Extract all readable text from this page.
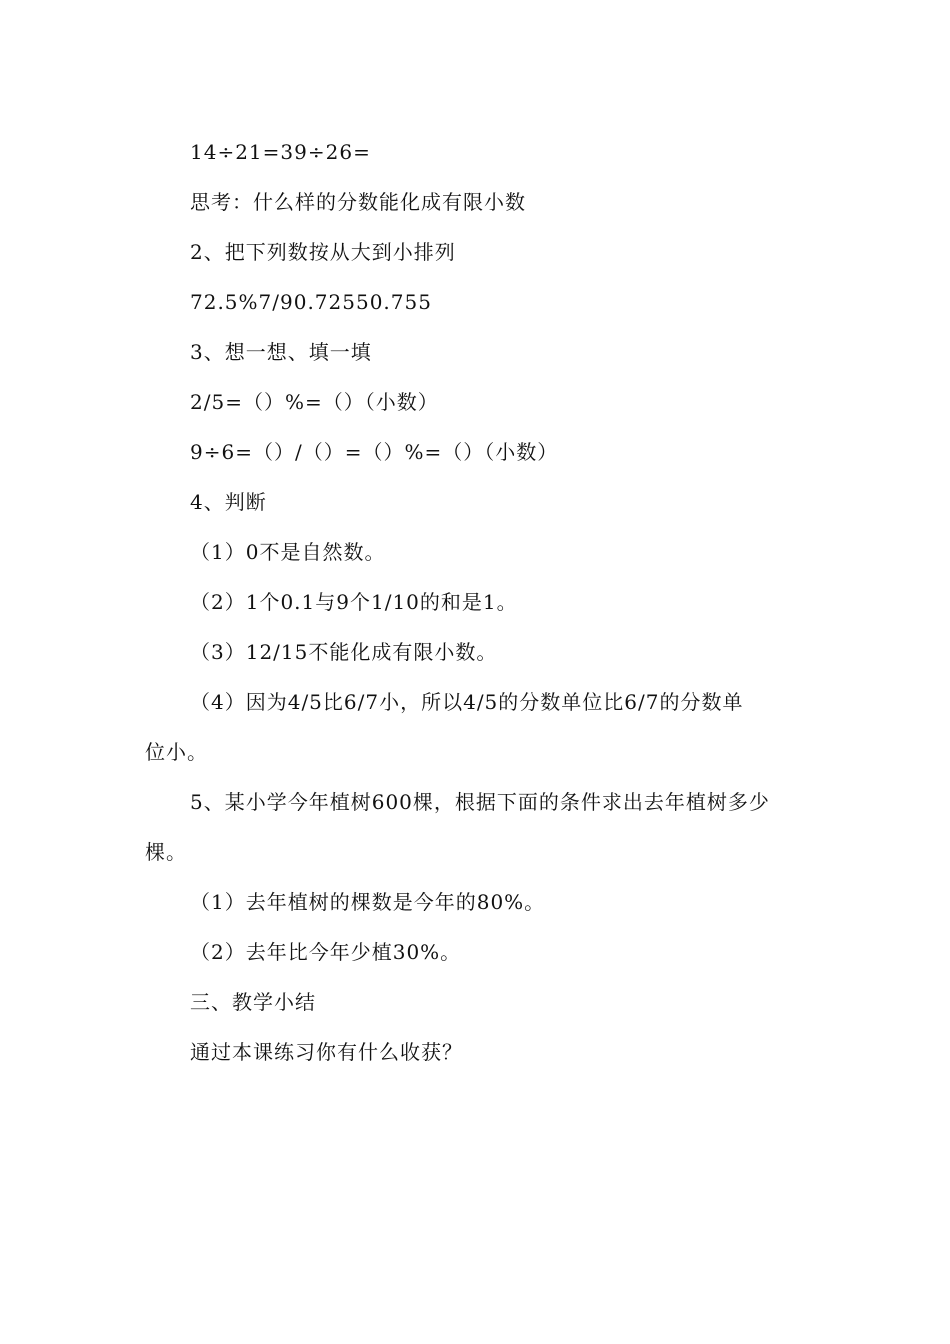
14÷21=39÷26=
思考：什么样的分数能化成有限小数
2、把下列数按从大到小排列
72.5%7/90.72550.755
3、想一想、填一填
2/5=（）%=（）（小数）
9÷6=（）/（）=（）%=（）（小数）
4、判断
（1）0不是自然数。
（2）1个0.1与9个1/10的和是1。
（3）12/15不能化成有限小数。
（4）因为4/5比6/7小，所以4/5的分数单位比6/7的分数单
位小。
5、某小学今年植树600棵，根据下面的条件求出去年植树多少
棵。
（1）去年植树的棵数是今年的80%。
（2）去年比今年少植30%。
三、教学小结
通过本课练习你有什么收获？
